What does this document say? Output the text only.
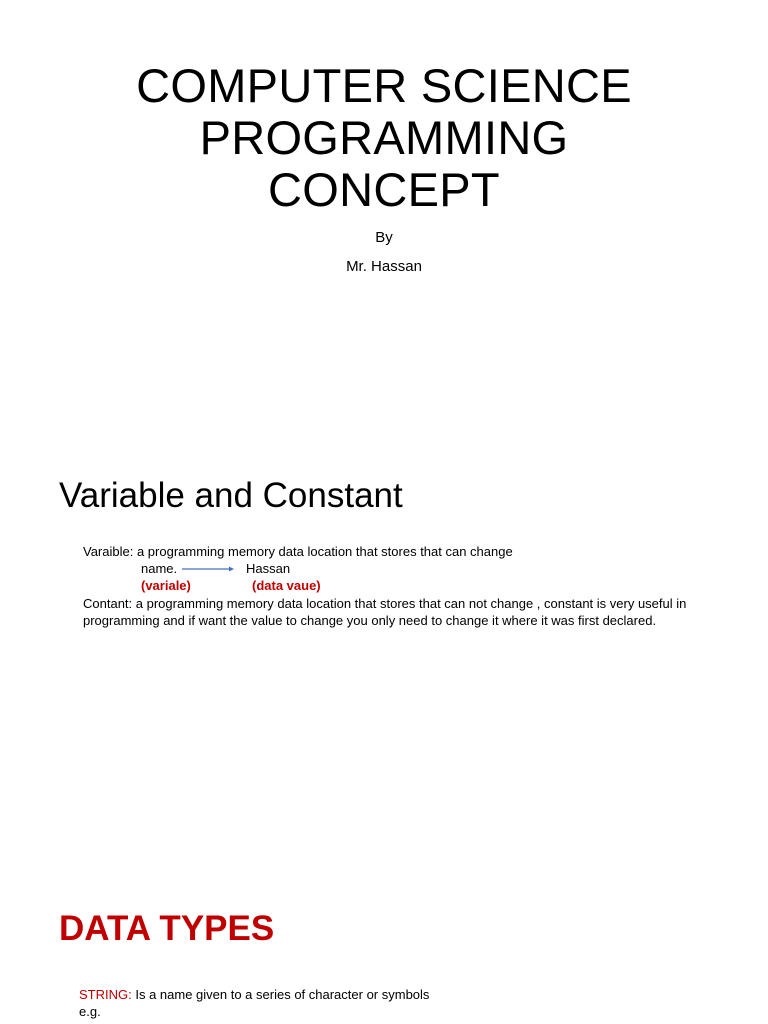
COMPUTER SCIENCE
PROGRAMMING
CONCEPT
By
Mr. Hassan
Variable and Constant
Varaible: a programming memory data location that stores that can change
name.	Hassan
(variale)	(data vaue)
Contant: a programming memory data location that stores that can not change , constant is very useful in
programming and if want the value to change you only need to change it where it was first declared.
DATA TYPES
STRING: Is a name given to a series of character or symbols
e.g.
